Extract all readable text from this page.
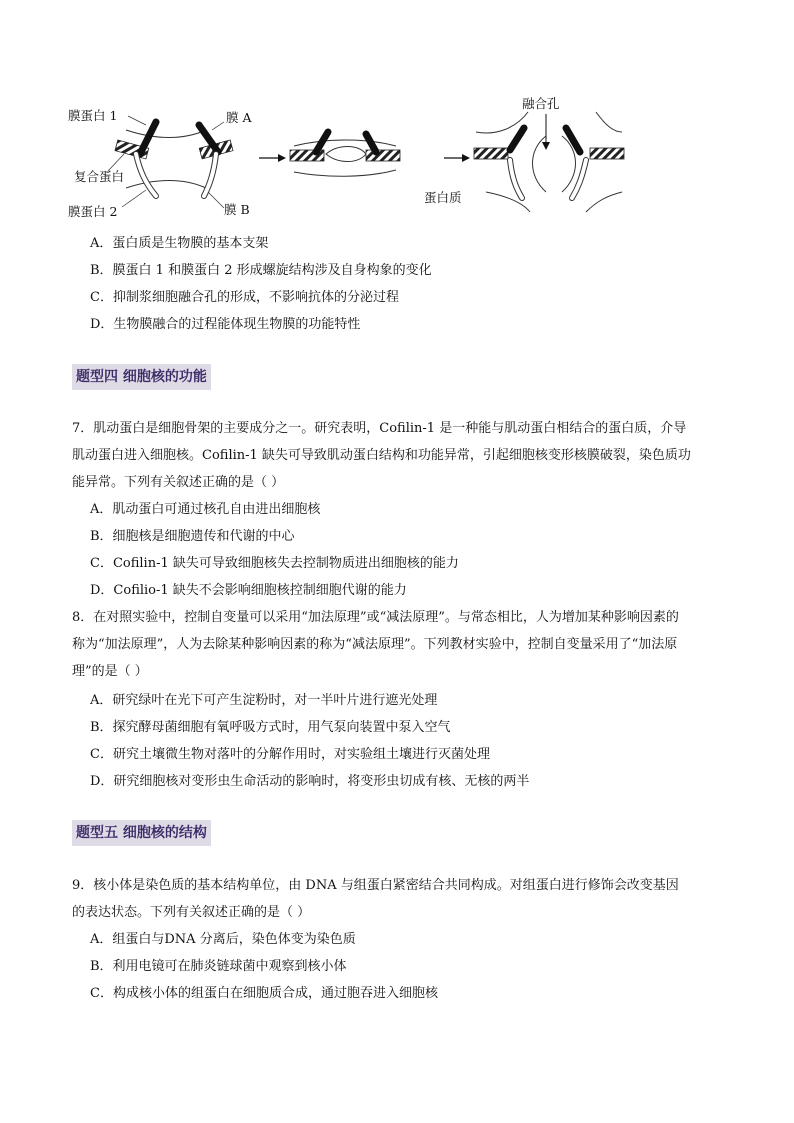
膜蛋白 1	膜 A
复合蛋白
膜蛋白 2	膜 B
融合孔
蛋白质
A．蛋白质是生物膜的基本支架
B．膜蛋白 1 和膜蛋白 2 形成螺旋结构涉及自身构象的变化
C．抑制浆细胞融合孔的形成，不影响抗体的分泌过程
D．生物膜融合的过程能体现生物膜的功能特性
题型四 细胞核的功能
7．肌动蛋白是细胞骨架的主要成分之一。研究表明，Cofilin-1 是一种能与肌动蛋白相结合的蛋白质，介导
肌动蛋白进入细胞核。Cofilin-1 缺失可导致肌动蛋白结构和功能异常，引起细胞核变形核膜破裂，染色质功
能异常。下列有关叙述正确的是（ ）
A．肌动蛋白可通过核孔自由进出细胞核
B．细胞核是细胞遗传和代谢的中心
C．Cofilin-1 缺失可导致细胞核失去控制物质进出细胞核的能力
D．Cofilio-1 缺失不会影响细胞核控制细胞代谢的能力
8．在对照实验中，控制自变量可以采用“加法原理”或“减法原理”。与常态相比，人为增加某种影响因素的
称为“加法原理”，人为去除某种影响因素的称为“减法原理”。下列教材实验中，控制自变量采用了“加法原
理”的是（ ）
A．研究绿叶在光下可产生淀粉时，对一半叶片进行遮光处理
B．探究酵母菌细胞有氧呼吸方式时，用气泵向装置中泵入空气
C．研究土壤微生物对落叶的分解作用时，对实验组土壤进行灭菌处理
D．研究细胞核对变形虫生命活动的影响时，将变形虫切成有核、无核的两半
题型五 细胞核的结构
9．核小体是染色质的基本结构单位，由 DNA 与组蛋白紧密结合共同构成。对组蛋白进行修饰会改变基因
的表达状态。下列有关叙述正确的是（ ）
A．组蛋白与DNA 分离后，染色体变为染色质
B．利用电镜可在肺炎链球菌中观察到核小体
C．构成核小体的组蛋白在细胞质合成，通过胞吞进入细胞核
